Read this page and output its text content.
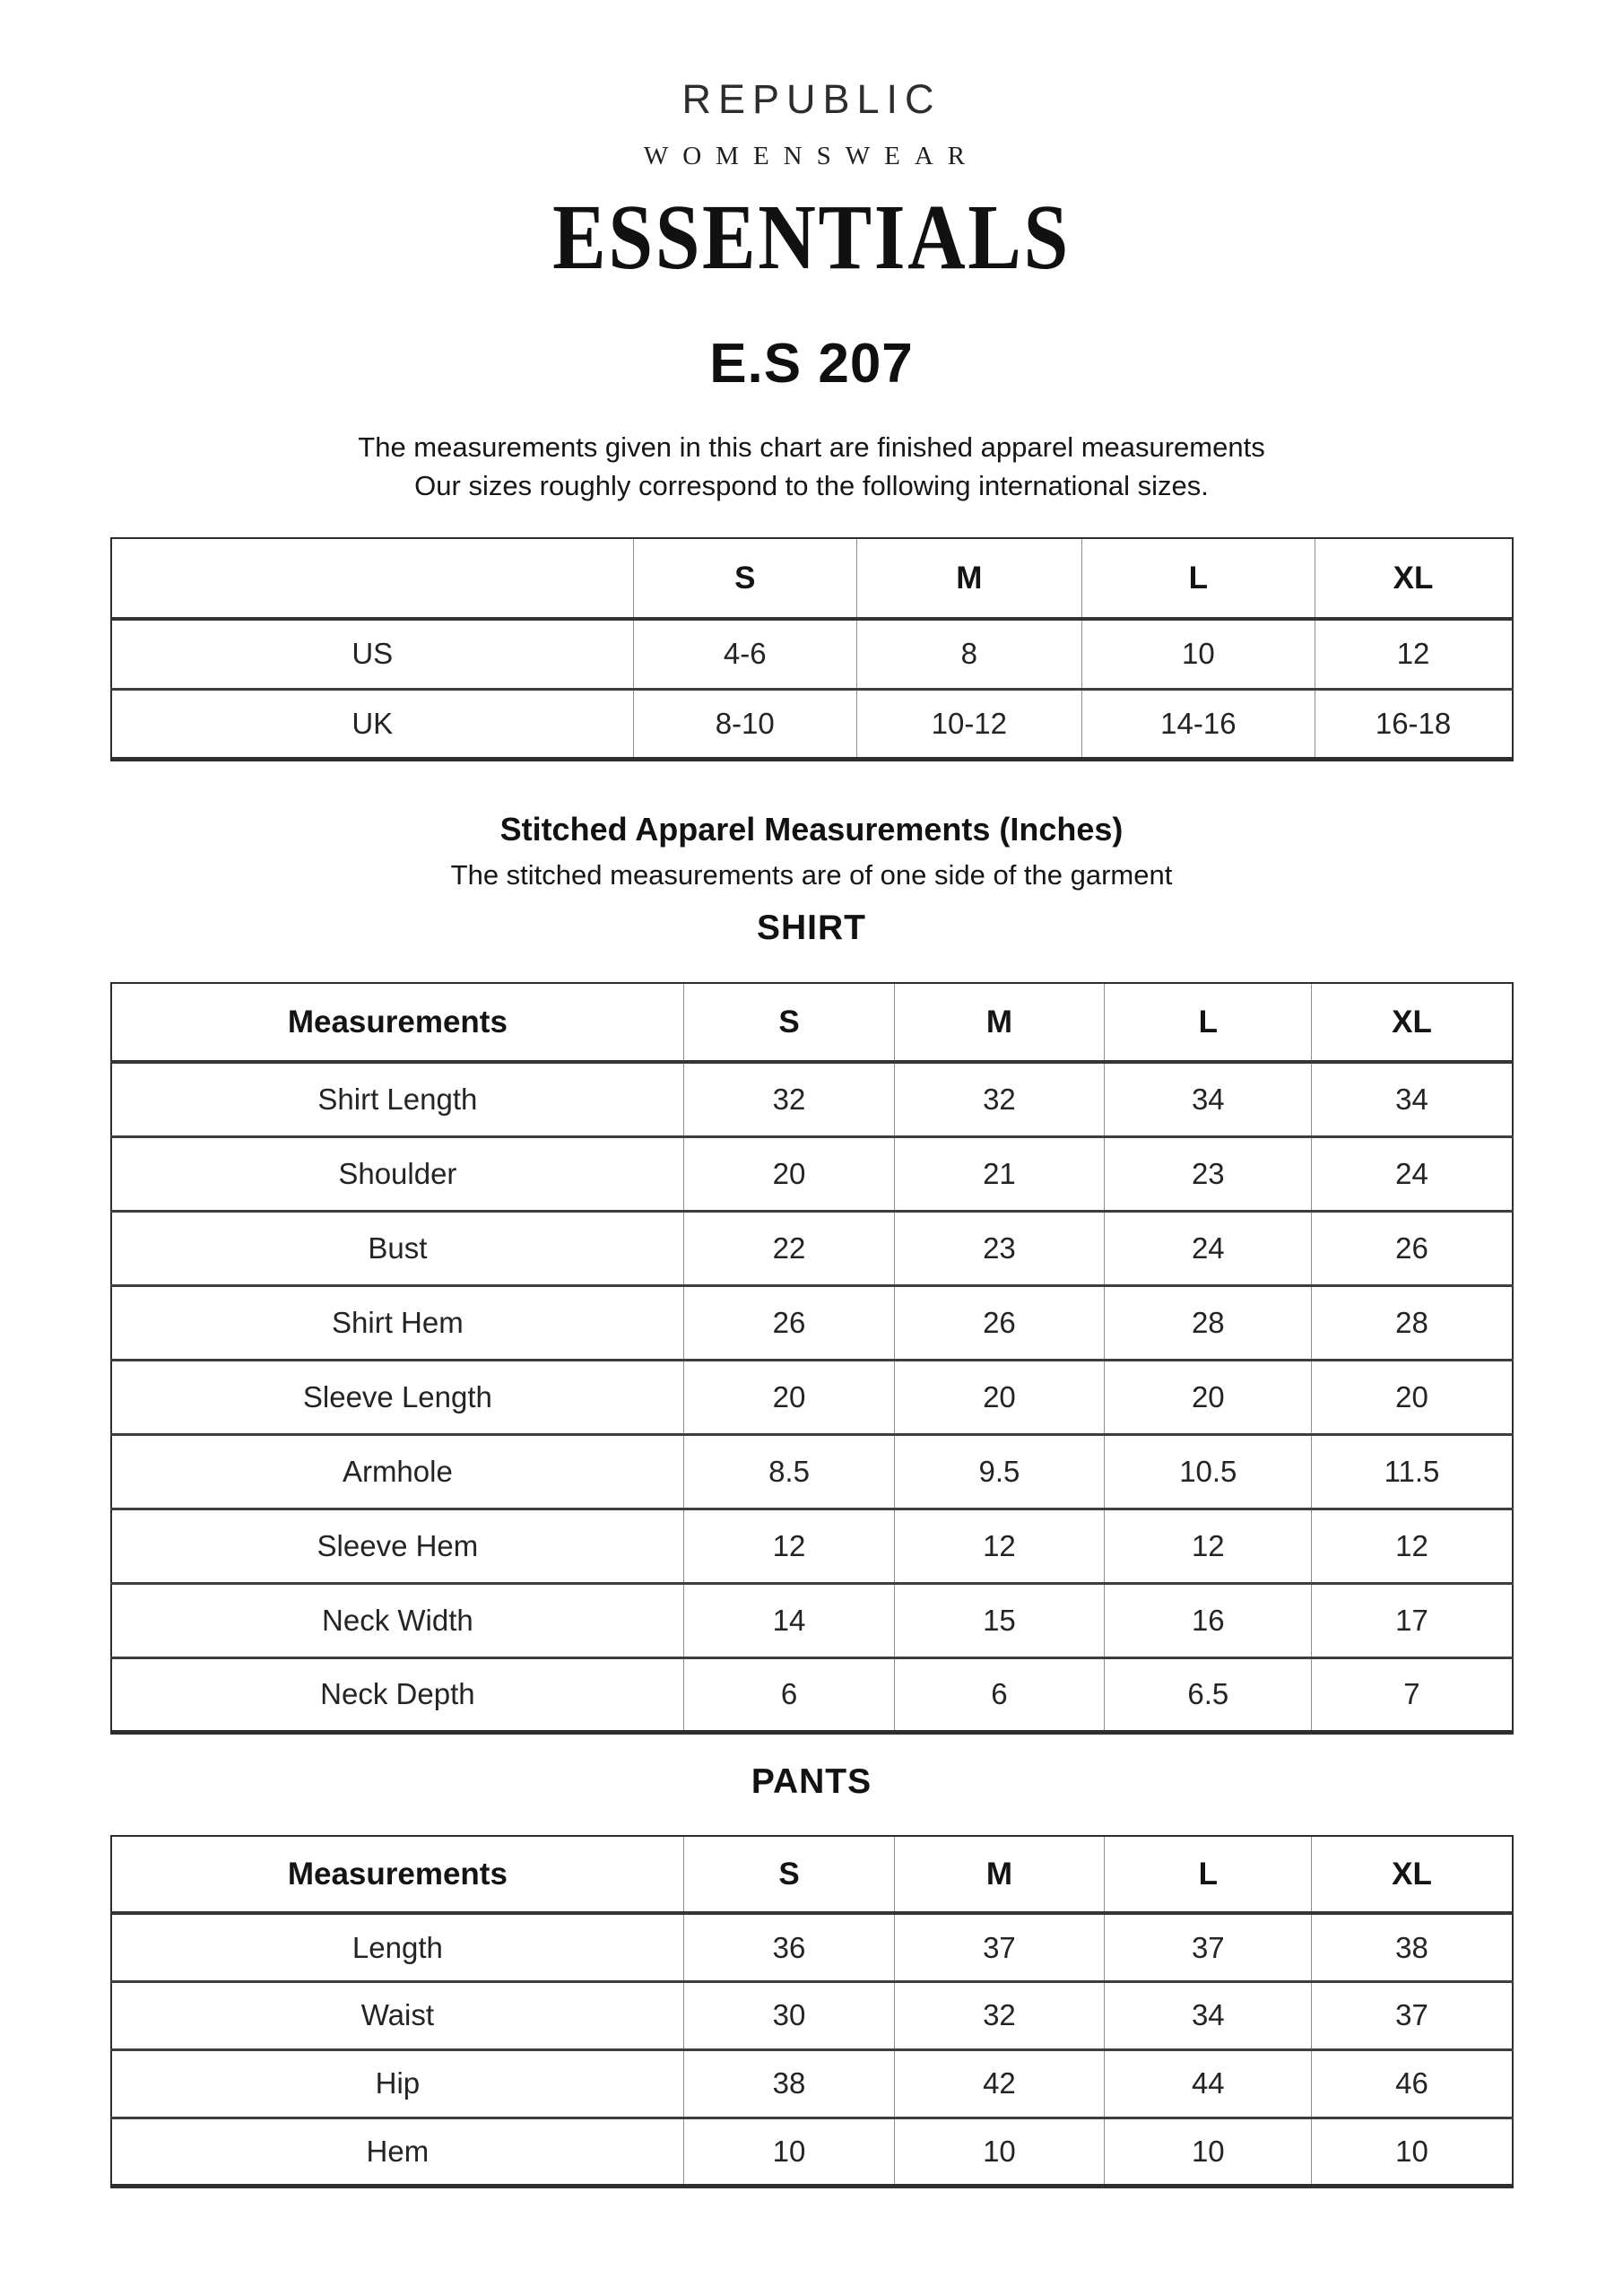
REPUBLIC
WOMENSWEAR
ESSENTIALS
E.S 207

The measurements given in this chart are finished apparel measurements
Our sizes roughly correspond to the following international sizes.

	S	M	L	XL
US	4-6	8	10	12
UK	8-10	10-12	14-16	16-18
Stitched Apparel Measurements (Inches)
The stitched measurements are of one side of the garment
SHIRT
Measurements	S	M	L	XL
Shirt Length	32	32	34	34
Shoulder	20	21	23	24
Bust	22	23	24	26
Shirt Hem	26	26	28	28
Sleeve Length	20	20	20	20
Armhole	8.5	9.5	10.5	11.5
Sleeve Hem	12	12	12	12
Neck Width	14	15	16	17
Neck Depth	6	6	6.5	7
PANTS
Measurements	S	M	L	XL
Length	36	37	37	38
Waist	30	32	34	37
Hip	38	42	44	46
Hem	10	10	10	10
